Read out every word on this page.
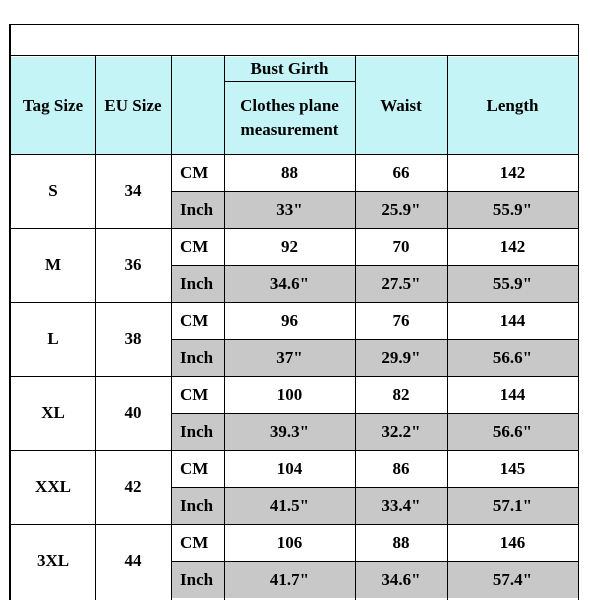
Tag Size EU Size
Bust Girth
Clothes plane measurement
Waist	Length
S	34
CM	88	66	142
Inch	33"	25.9"	55.9"
M	36
CM	92	70	142
Inch	34.6"	27.5"	55.9"
L	38
CM	96	76	144
Inch	37"	29.9"	56.6"
XL	40
CM	100	82	144
Inch	39.3"	32.2"	56.6"
XXL	42
CM	104	86	145
Inch	41.5"	33.4"	57.1"
3XL	44
CM	106	88	146
Inch	41.7"	34.6"	57.4"
